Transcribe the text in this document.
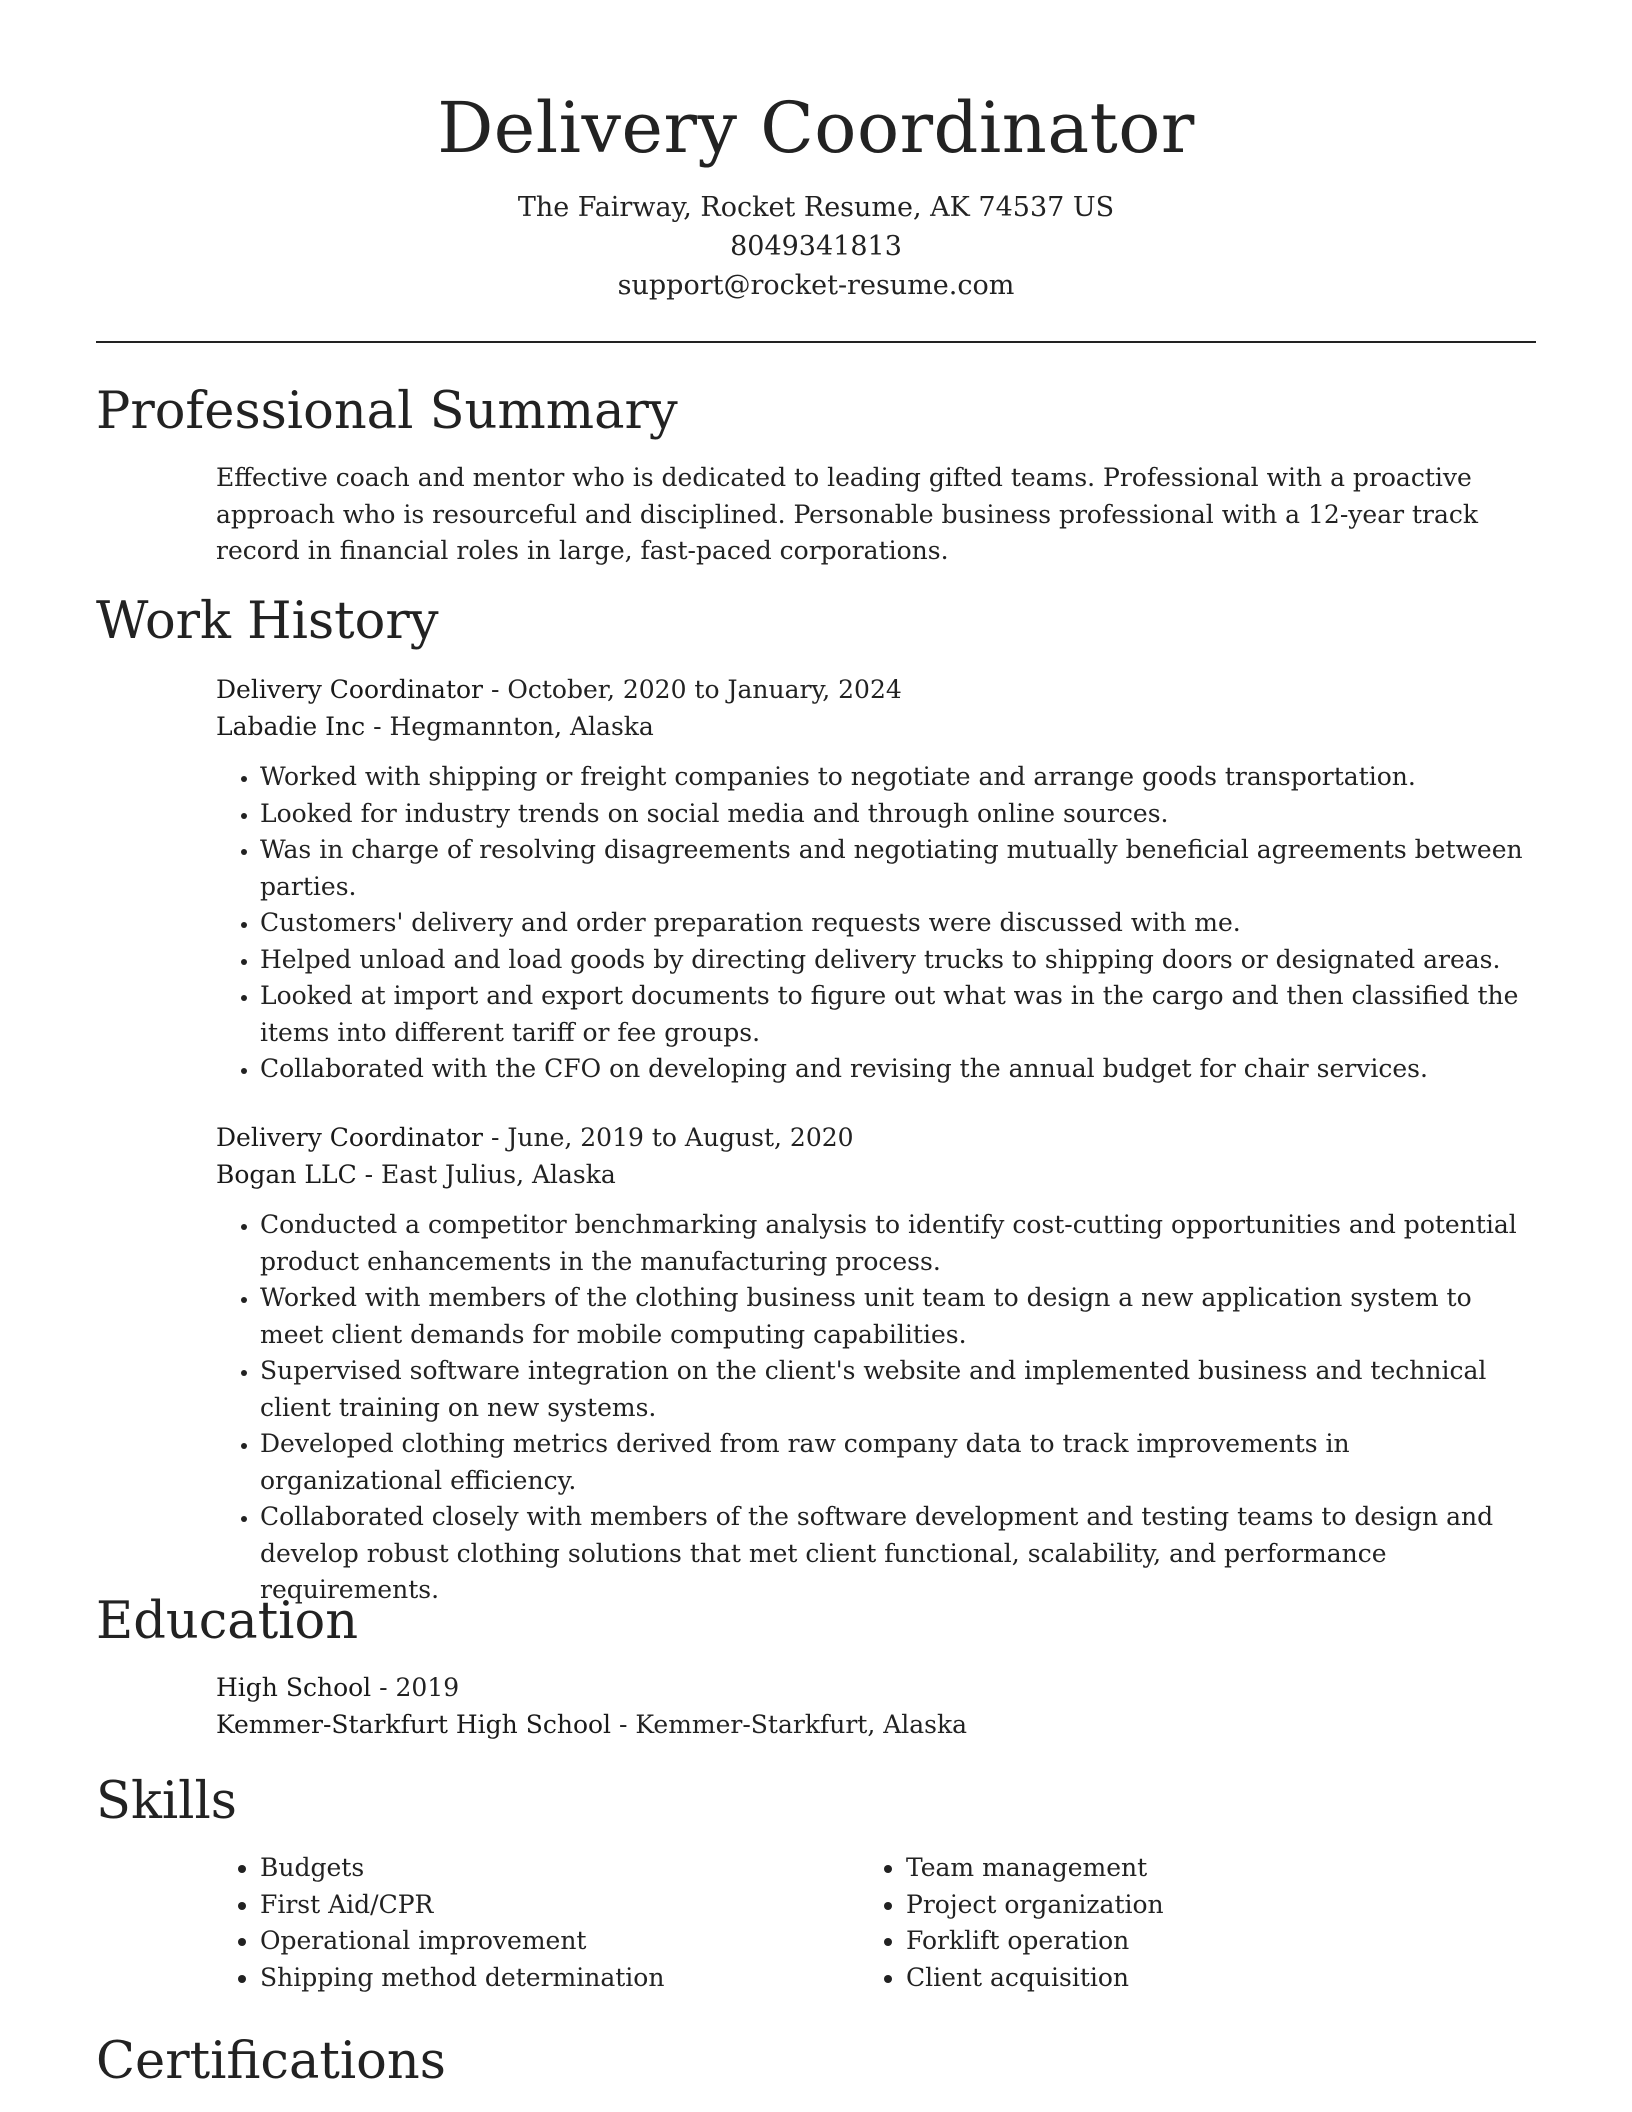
Delivery Coordinator
The Fairway, Rocket Resume, AK 74537 US
8049341813
support@rocket-resume.com
Professional Summary

Effective coach and mentor who is dedicated to leading gifted teams. Professional with a proactive approach who is resourceful and disciplined. Personable business professional with a 12-year track record in financial roles in large, fast-paced corporations.

Work History
Delivery Coordinator - October, 2020 to January, 2024
Labadie Inc - Hegmannton, Alaska
• Worked with shipping or freight companies to negotiate and arrange goods transportation.
• Looked for industry trends on social media and through online sources.
• Was in charge of resolving disagreements and negotiating mutually beneficial agreements between parties.
• Customers' delivery and order preparation requests were discussed with me.
• Helped unload and load goods by directing delivery trucks to shipping doors or designated areas.
• Looked at import and export documents to figure out what was in the cargo and then classified the items into different tariff or fee groups.
• Collaborated with the CFO on developing and revising the annual budget for chair services.
Delivery Coordinator - June, 2019 to August, 2020
Bogan LLC - East Julius, Alaska
• Conducted a competitor benchmarking analysis to identify cost-cutting opportunities and potential product enhancements in the manufacturing process.
• Worked with members of the clothing business unit team to design a new application system to meet client demands for mobile computing capabilities.
• Supervised software integration on the client's website and implemented business and technical client training on new systems.
• Developed clothing metrics derived from raw company data to track improvements in organizational efficiency.
• Collaborated closely with members of the software development and testing teams to design and develop robust clothing solutions that met client functional, scalability, and performance requirements.
Education
High School - 2019
Kemmer-Starkfurt High School - Kemmer-Starkfurt, Alaska
Skills
• Budgets
• First Aid/CPR
• Operational improvement
• Shipping method determination
• Team management
• Project organization
• Forklift operation
• Client acquisition
Certifications
